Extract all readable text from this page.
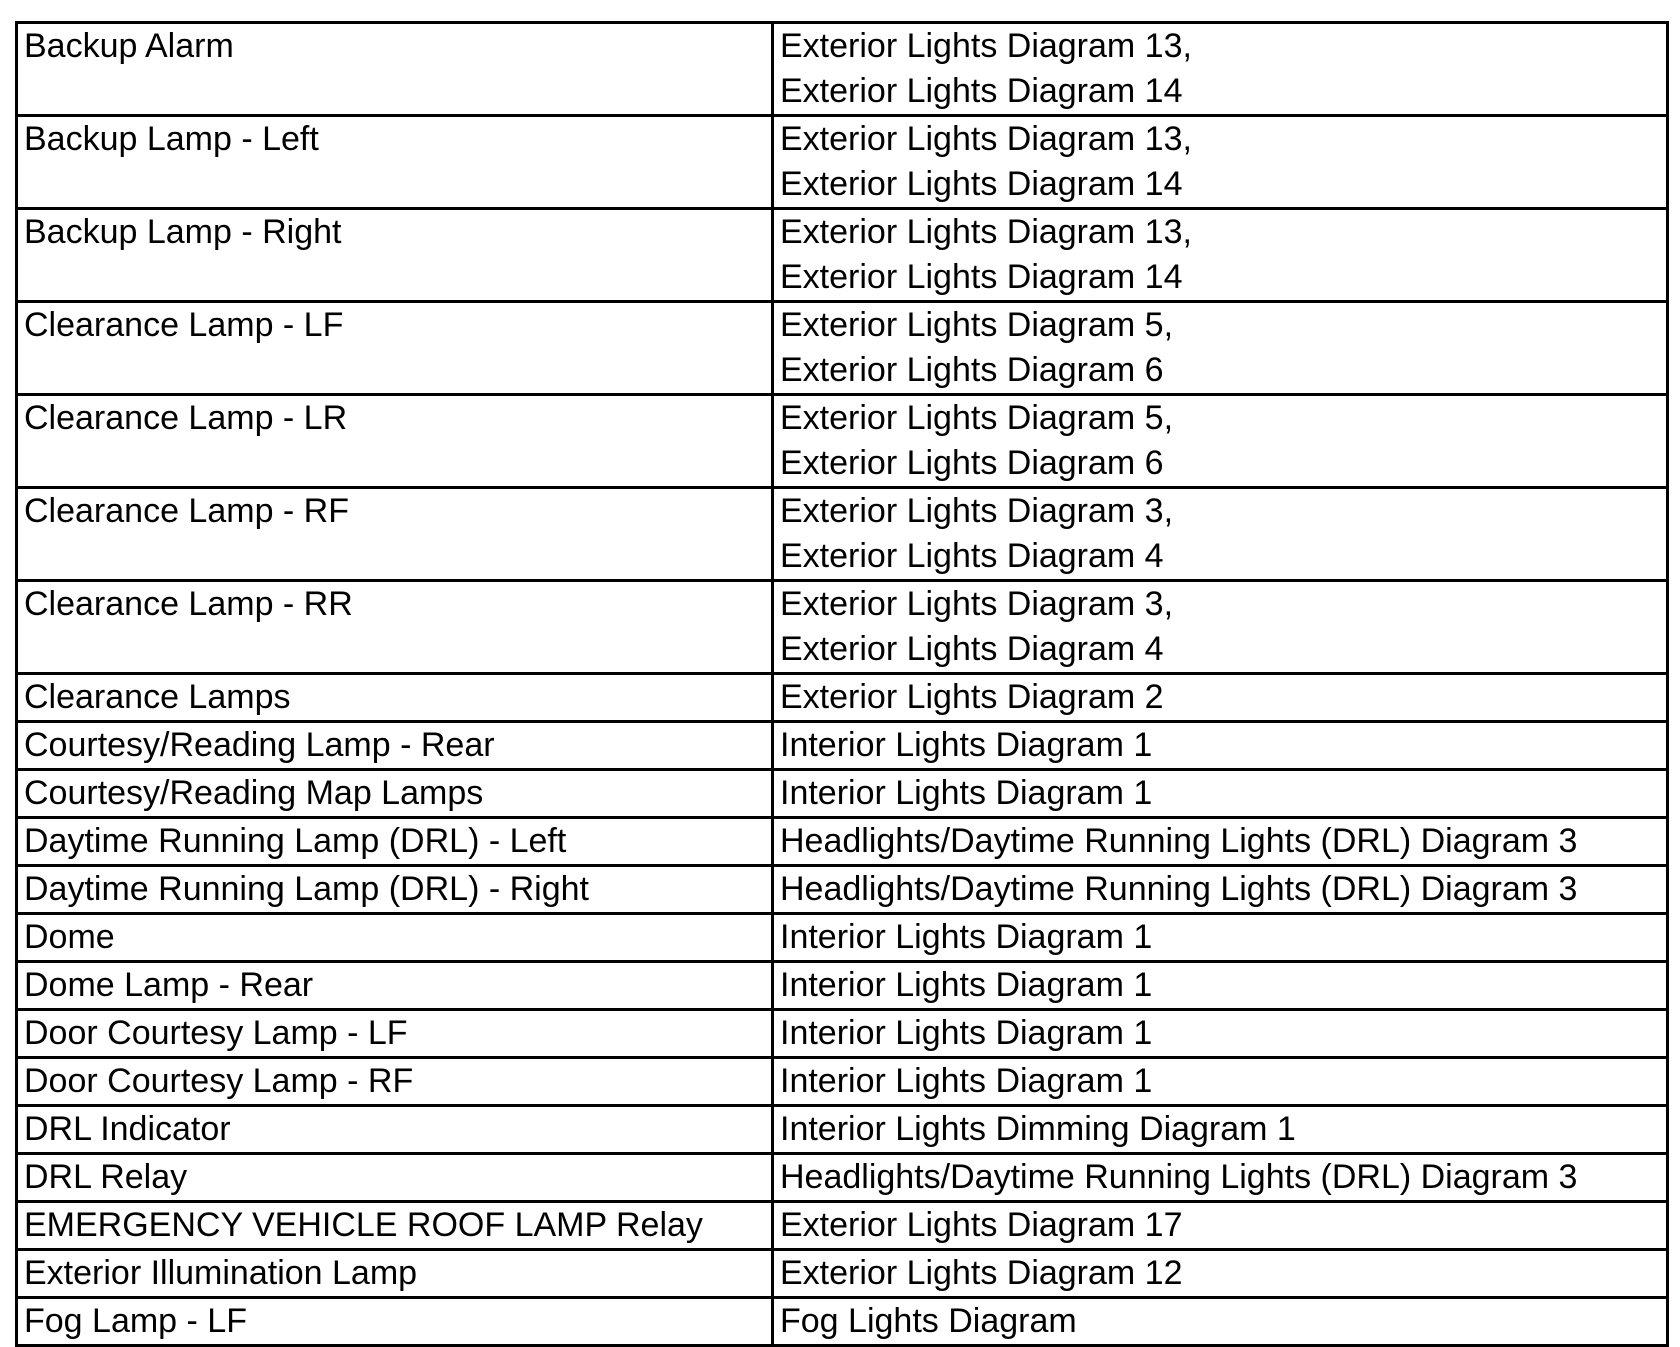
Backup Alarm	Exterior Lights Diagram 13,
Exterior Lights Diagram 14

Backup Lamp - Left	Exterior Lights Diagram 13,
Exterior Lights Diagram 14

Backup Lamp - Right	Exterior Lights Diagram 13,
Exterior Lights Diagram 14

Clearance Lamp - LF	Exterior Lights Diagram 5,
Exterior Lights Diagram 6

Clearance Lamp - LR	Exterior Lights Diagram 5,
Exterior Lights Diagram 6

Clearance Lamp - RF	Exterior Lights Diagram 3,
Exterior Lights Diagram 4

Clearance Lamp - RR	Exterior Lights Diagram 3,
Exterior Lights Diagram 4

Clearance Lamps	Exterior Lights Diagram 2

Courtesy/Reading Lamp - Rear	Interior Lights Diagram 1

Courtesy/Reading Map Lamps	Interior Lights Diagram 1

Daytime Running Lamp (DRL) - Left	Headlights/Daytime Running Lights (DRL) Diagram 3

Daytime Running Lamp (DRL) - Right	Headlights/Daytime Running Lights (DRL) Diagram 3

Dome	Interior Lights Diagram 1

Dome Lamp - Rear	Interior Lights Diagram 1

Door Courtesy Lamp - LF	Interior Lights Diagram 1

Door Courtesy Lamp - RF	Interior Lights Diagram 1

DRL Indicator	Interior Lights Dimming Diagram 1

DRL Relay	Headlights/Daytime Running Lights (DRL) Diagram 3

EMERGENCY VEHICLE ROOF LAMP Relay	Exterior Lights Diagram 17

Exterior Illumination Lamp	Exterior Lights Diagram 12

Fog Lamp - LF	Fog Lights Diagram
